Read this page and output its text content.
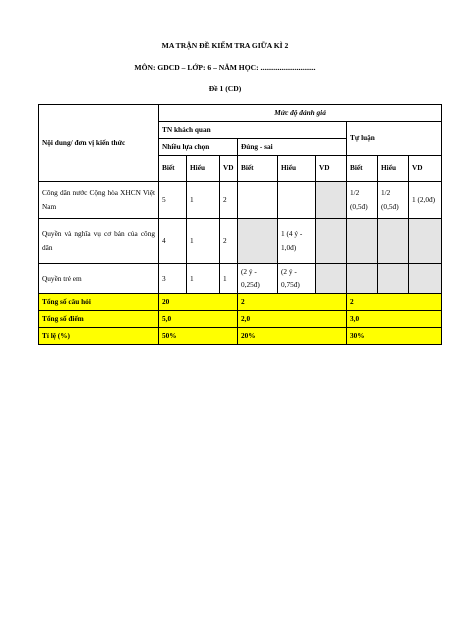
MA TRẬN ĐỀ KIỂM TRA GIỮA KÌ 2
MÔN: GDCD – LỚP: 6 – NĂM HỌC: .............................
Đề 1 (CD)
Nội dung/ đơn vị kiến thức	Mức độ đánh giá								
	TN khách quan						Tự luận		
	Nhiều lựa chọn			Đúng - sai					
	Biết	Hiểu	VD	Biết	Hiểu	VD	Biết	Hiểu	VD
Công dân nước Cộng hòa XHCN Việt Nam	5	1	2				1/2 (0,5đ)	1/2 (0,5đ)	1 (2,0đ)
Quyền và nghĩa vụ cơ bản của công dân	4	1	2		1 (4 ý - 1,0đ)				
Quyền trẻ em	3	1	1	(2 ý - 0,25đ)	(2 ý - 0,75đ)				
Tổng số câu hỏi	20			2			2		
Tổng số điểm	5,0			2,0			3,0		
Tỉ lệ (%)	50%			20%			30%		
